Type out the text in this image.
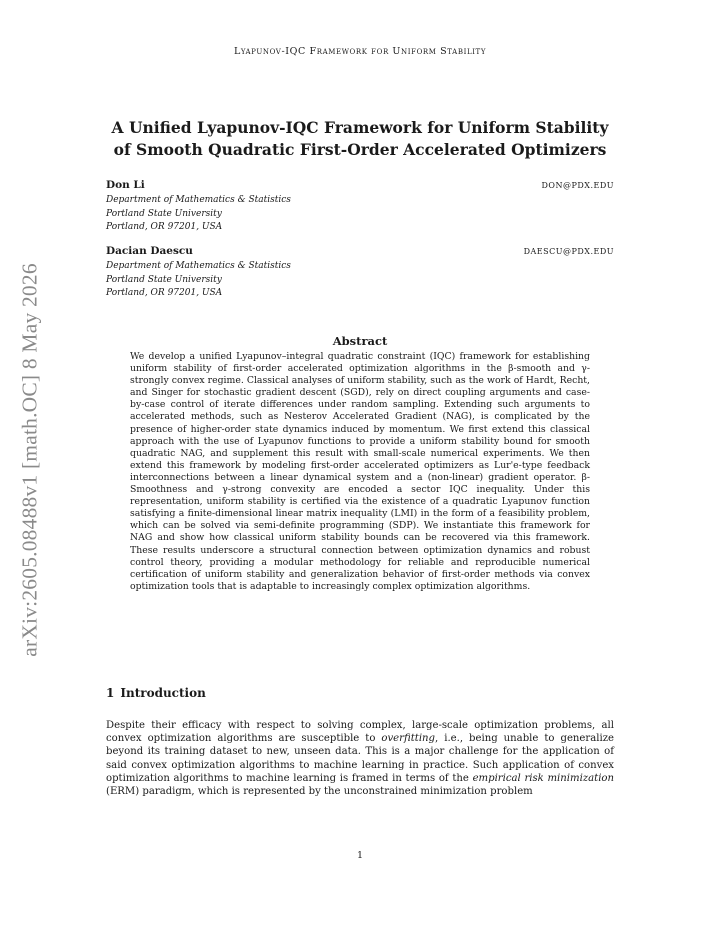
Lyapunov-IQC Framework for Uniform Stability
arXiv:2605.08488v1 [math.OC] 8 May 2026
A Unified Lyapunov-IQC Framework for Uniform Stability
of Smooth Quadratic First-Order Accelerated Optimizers
Don Li	DON@PDX.EDU
Department of Mathematics & Statistics
Portland State University
Portland, OR 97201, USA
Dacian Daescu	DAESCU@PDX.EDU
Department of Mathematics & Statistics
Portland State University
Portland, OR 97201, USA
Abstract
We develop a unified Lyapunov–integral quadratic constraint (IQC) framework for establishing uniform stability of first-order accelerated optimization algorithms in the β-smooth and γ-strongly convex regime. Classical analyses of uniform stability, such as the work of Hardt, Recht, and Singer for stochastic gradient descent (SGD), rely on direct coupling arguments and case-by-case control of iterate differences under random sampling. Extending such arguments to accelerated methods, such as Nesterov Accelerated Gradient (NAG), is complicated by the presence of higher-order state dynamics induced by momentum. We first extend this classical approach with the use of Lyapunov functions to provide a uniform stability bound for smooth quadratic NAG, and supplement this result with small-scale numerical experiments. We then extend this framework by modeling first-order accelerated optimizers as Lur'e-type feedback interconnections between a linear dynamical system and a (non-linear) gradient operator. β-Smoothness and γ-strong convexity are encoded a sector IQC inequality. Under this representation, uniform stability is certified via the existence of a quadratic Lyapunov function satisfying a finite-dimensional linear matrix inequality (LMI) in the form of a feasibility problem, which can be solved via semi-definite programming (SDP). We instantiate this framework for NAG and show how classical uniform stability bounds can be recovered via this framework. These results underscore a structural connection between optimization dynamics and robust control theory, providing a modular methodology for reliable and reproducible numerical certification of uniform stability and generalization behavior of first-order methods via convex optimization tools that is adaptable to increasingly complex optimization algorithms.
1 Introduction
Despite their efficacy with respect to solving complex, large-scale optimization problems, all convex optimization algorithms are susceptible to overfitting, i.e., being unable to generalize beyond its training dataset to new, unseen data. This is a major challenge for the application of said convex optimization algorithms to machine learning in practice. Such application of convex optimization algorithms to machine learning is framed in terms of the empirical risk minimization (ERM) paradigm, which is represented by the unconstrained minimization problem
1
